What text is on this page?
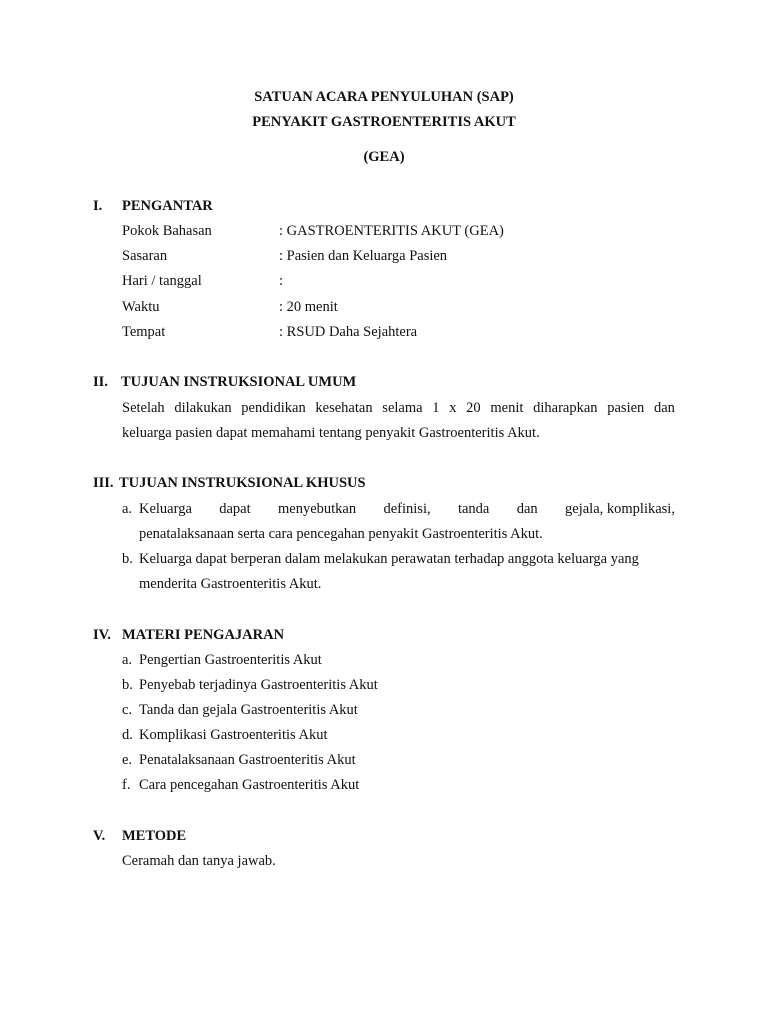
SATUAN ACARA PENYULUHAN (SAP)
PENYAKIT GASTROENTERITIS AKUT
(GEA)
I. PENGANTAR
Pokok Bahasan	: GASTROENTERITIS AKUT (GEA)
Sasaran	: Pasien dan Keluarga Pasien
Hari / tanggal	:
Waktu	: 20 menit
Tempat	: RSUD Daha Sejahtera
II. TUJUAN INSTRUKSIONAL UMUM
Setelah dilakukan pendidikan kesehatan selama 1 x 20 menit diharapkan pasien dan
keluarga pasien dapat memahami tentang penyakit Gastroenteritis Akut.
III. TUJUAN INSTRUKSIONAL KHUSUS
a. Keluarga dapat menyebutkan definisi, tanda dan gejala, komplikasi,
penatalaksanaan serta cara pencegahan penyakit Gastroenteritis Akut.
b. Keluarga dapat berperan dalam melakukan perawatan terhadap anggota keluarga yang
menderita Gastroenteritis Akut.
IV. MATERI PENGAJARAN
a. Pengertian Gastroenteritis Akut
b. Penyebab terjadinya Gastroenteritis Akut
c. Tanda dan gejala Gastroenteritis Akut
d. Komplikasi Gastroenteritis Akut
e. Penatalaksanaan Gastroenteritis Akut
f. Cara pencegahan Gastroenteritis Akut
V. METODE
Ceramah dan tanya jawab.
